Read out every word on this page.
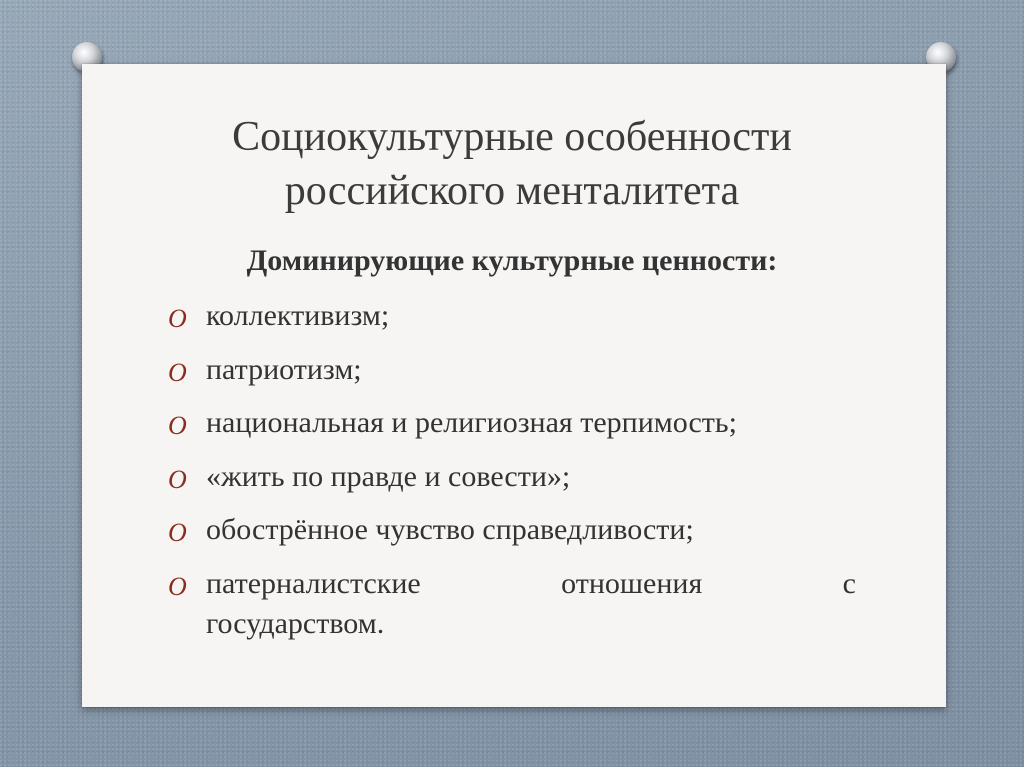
Социокультурные особенности
российского менталитета
Доминирующие культурные ценности:
O коллективизм;
O патриотизм;
O национальная и религиозная терпимость;
O «жить по правде и совести»;
O обострённое чувство справедливости;
O патерналистские	отношения	с
государством.
